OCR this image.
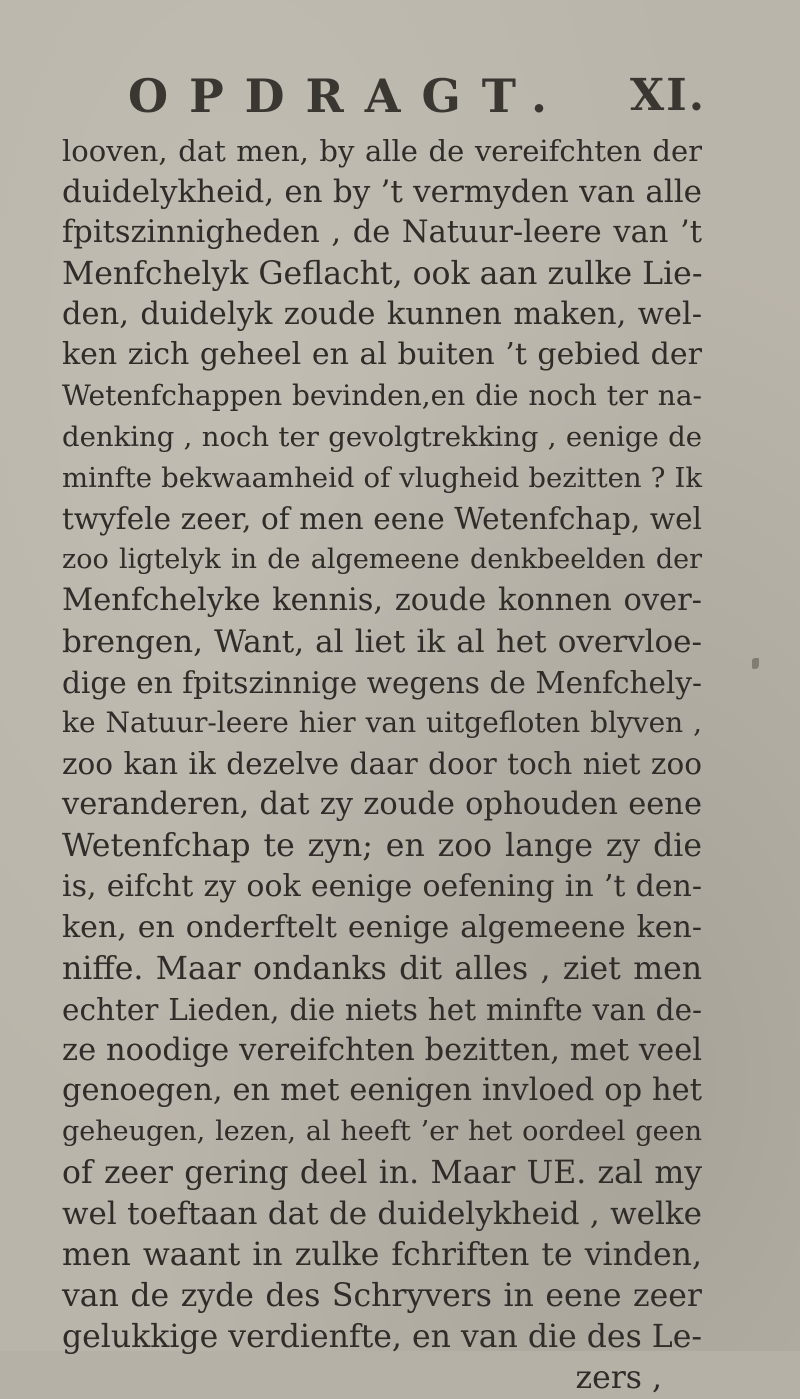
OPDRAGT. XI.
looven, dat men, by alle de vereifchten der
duidelykheid, en by ’t vermyden van alle
fpitszinnigheden , de Natuur-leere van ’t
Menfchelyk Geflacht, ook aan zulke Lie-
den, duidelyk zoude kunnen maken, wel-
ken zich geheel en al buiten ’t gebied der
Wetenfchappen bevinden,en die noch ter na-
denking , noch ter gevolgtrekking , eenige de
minfte bekwaamheid of vlugheid bezitten ? Ik
twyfele zeer, of men eene Wetenfchap, wel
zoo ligtelyk in de algemeene denkbeelden der
Menfchelyke kennis, zoude konnen over-
brengen, Want, al liet ik al het overvloe-
dige en fpitszinnige wegens de Menfchely-
ke Natuur-leere hier van uitgefloten blyven ,
zoo kan ik dezelve daar door toch niet zoo
veranderen, dat zy zoude ophouden eene
Wetenfchap te zyn; en zoo lange zy die
is, eifcht zy ook eenige oefening in ’t den-
ken, en onderftelt eenige algemeene ken-
niffe. Maar ondanks dit alles , ziet men
echter Lieden, die niets het minfte van de-
ze noodige vereifchten bezitten, met veel
genoegen, en met eenigen invloed op het
geheugen, lezen, al heeft ’er het oordeel geen
of zeer gering deel in. Maar UE. zal my
wel toeftaan dat de duidelykheid , welke
men waant in zulke fchriften te vinden,
van de zyde des Schryvers in eene zeer
gelukkige verdienfte, en van die des Le-
zers ,
